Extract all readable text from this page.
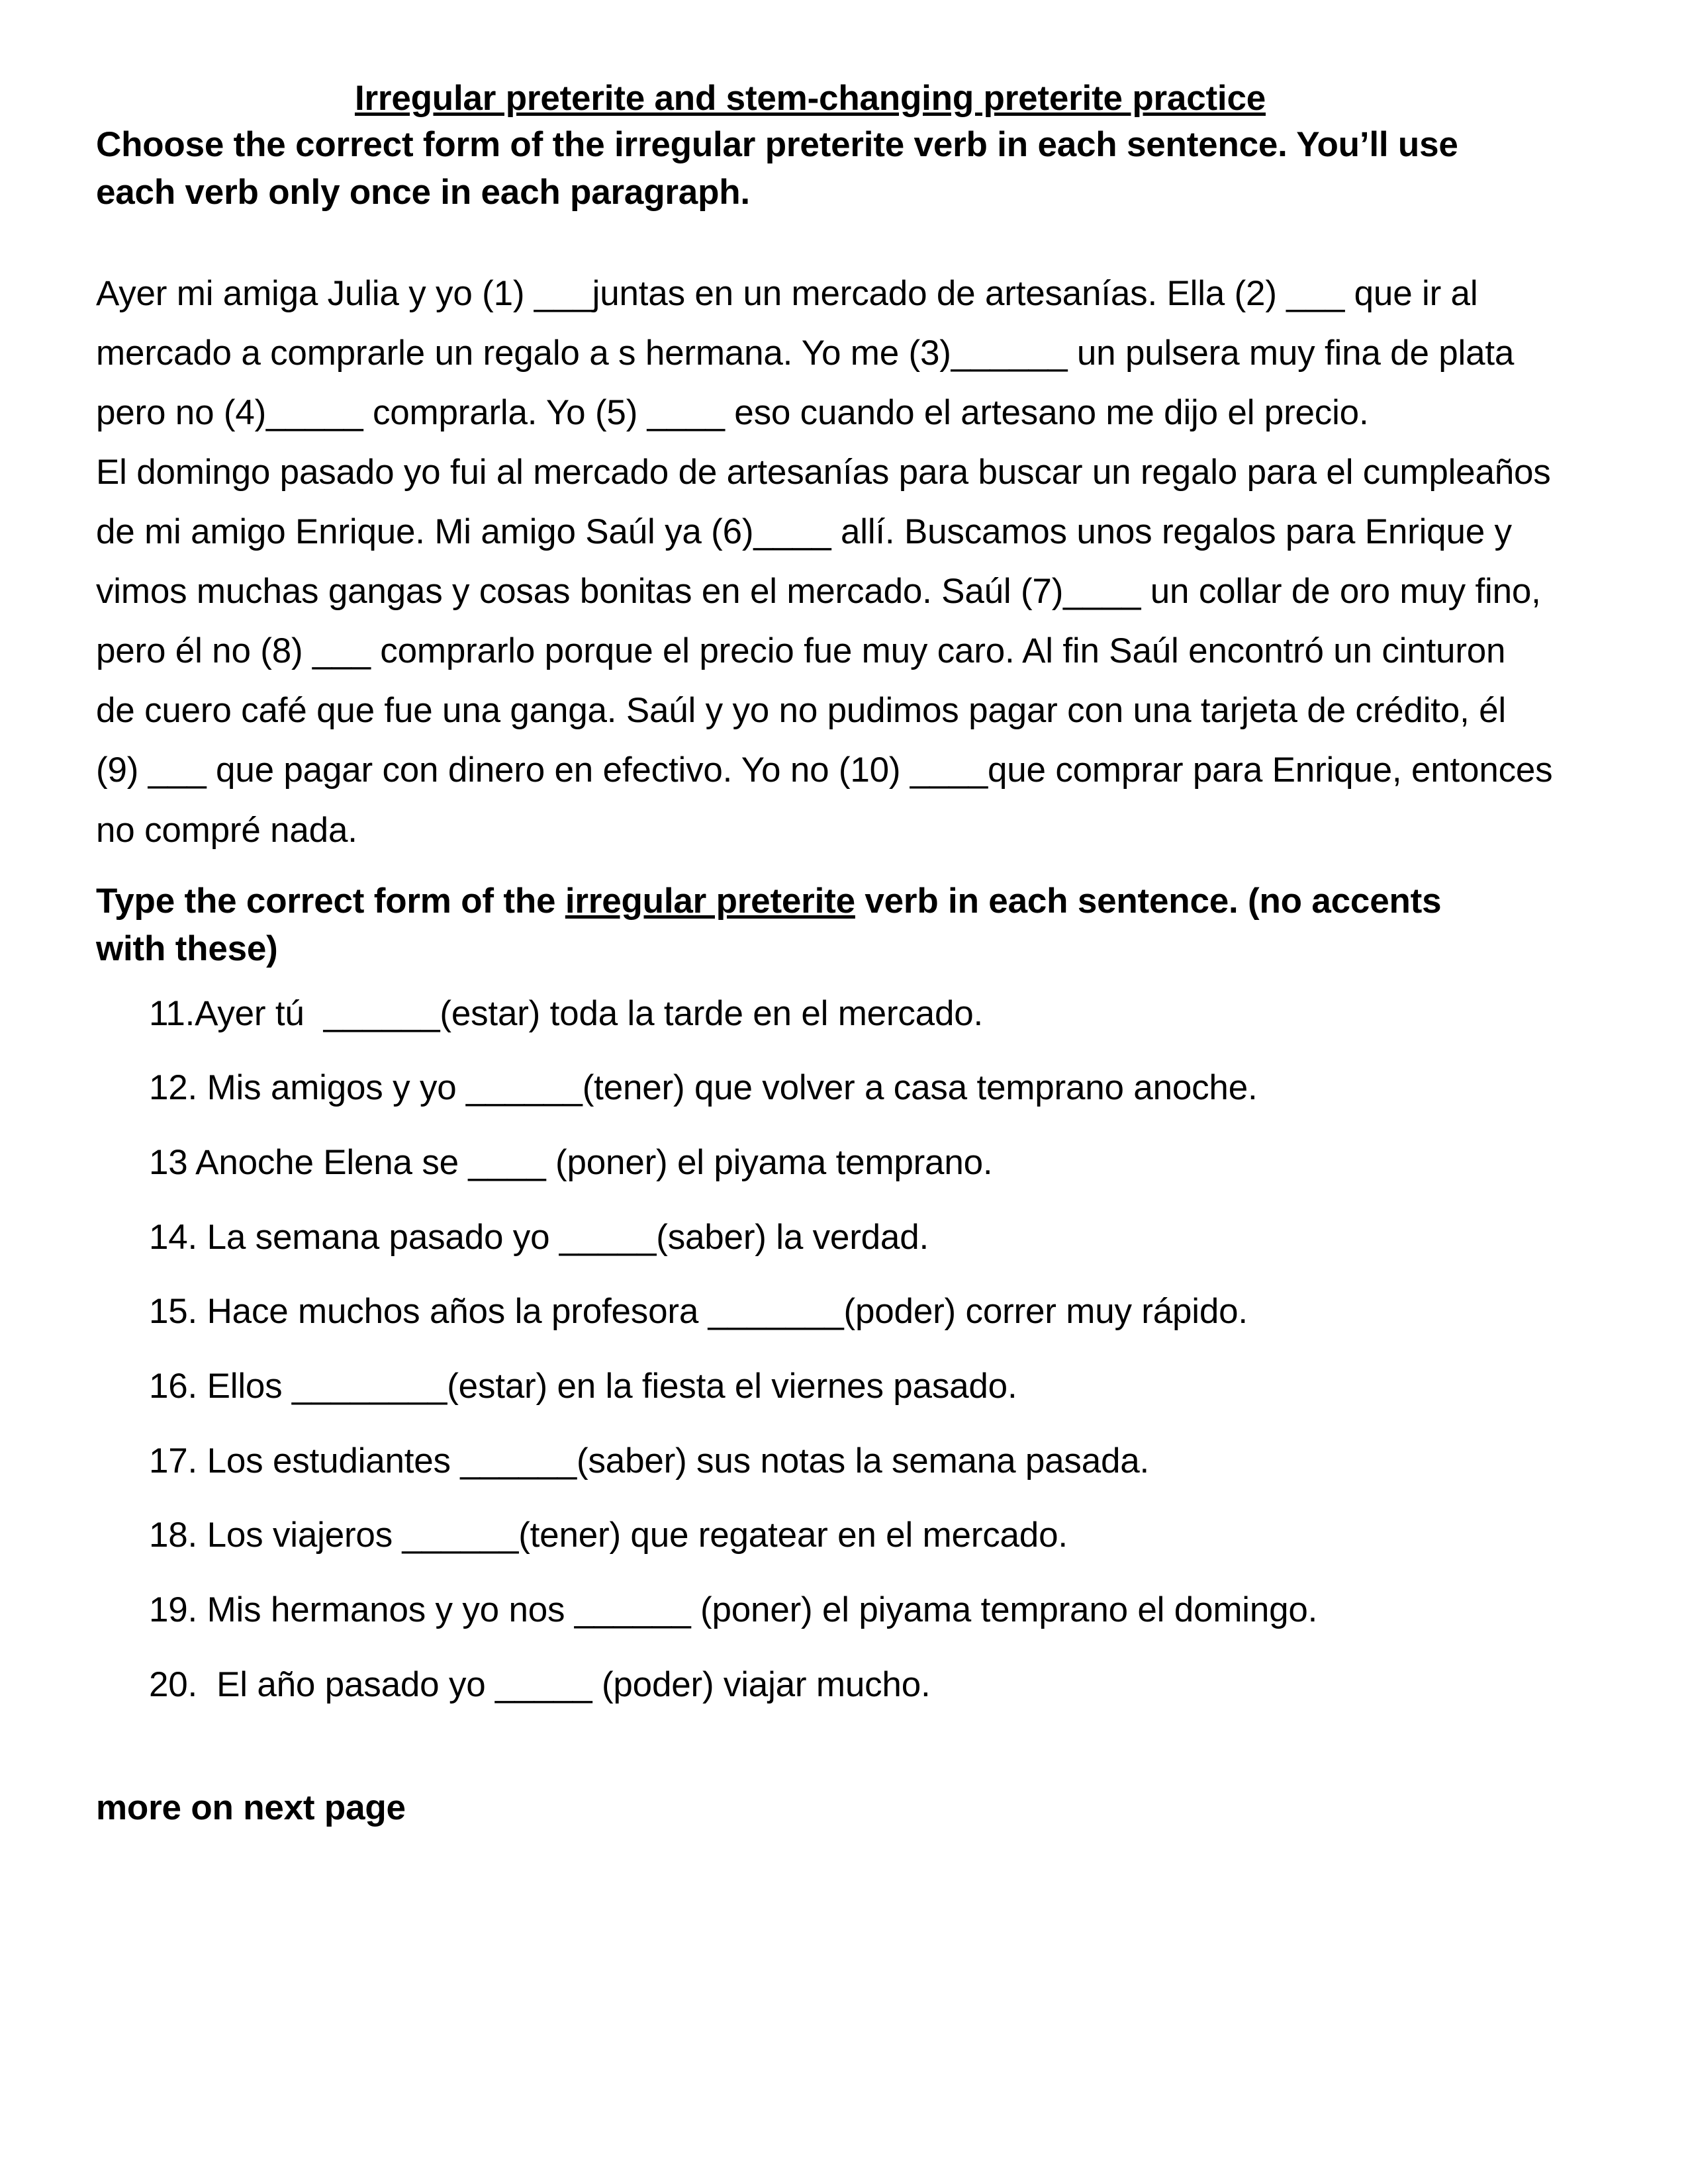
Irregular preterite and stem-changing preterite practice

Choose the correct form of the irregular preterite verb in each sentence. You’ll use each verb only once in each paragraph.

Ayer mi amiga Julia y yo (1) ___juntas en un mercado de artesanías. Ella (2) ___ que ir al mercado a comprarle un regalo a s hermana. Yo me (3)______ un pulsera muy fina de plata pero no (4)_____ comprarla. Yo (5) ____ eso cuando el artesano me dijo el precio.

El domingo pasado yo fui al mercado de artesanías para buscar un regalo para el cumpleaños de mi amigo Enrique. Mi amigo Saúl ya (6)____ allí. Buscamos unos regalos para Enrique y vimos muchas gangas y cosas bonitas en el mercado. Saúl (7)____ un collar de oro muy fino, pero él no (8) ___ comprarlo porque el precio fue muy caro. Al fin Saúl encontró un cinturon de cuero café que fue una ganga. Saúl y yo no pudimos pagar con una tarjeta de crédito, él (9) ___ que pagar con dinero en efectivo. Yo no (10) ____que comprar para Enrique, entonces no compré nada.

Type the correct form of the irregular preterite verb in each sentence. (no accents with these)

11.Ayer tú  ______(estar) toda la tarde en el mercado.
12. Mis amigos y yo ______(tener) que volver a casa temprano anoche.
13 Anoche Elena se ____ (poner) el piyama temprano.
14. La semana pasado yo _____(saber) la verdad.
15. Hace muchos años la profesora _______(poder) correr muy rápido.
16. Ellos ________(estar) en la fiesta el viernes pasado.
17. Los estudiantes ______(saber) sus notas la semana pasada.
18. Los viajeros ______(tener) que regatear en el mercado.
19. Mis hermanos y yo nos ______ (poner) el piyama temprano el domingo.
20.  El año pasado yo _____ (poder) viajar mucho.

more on next page
